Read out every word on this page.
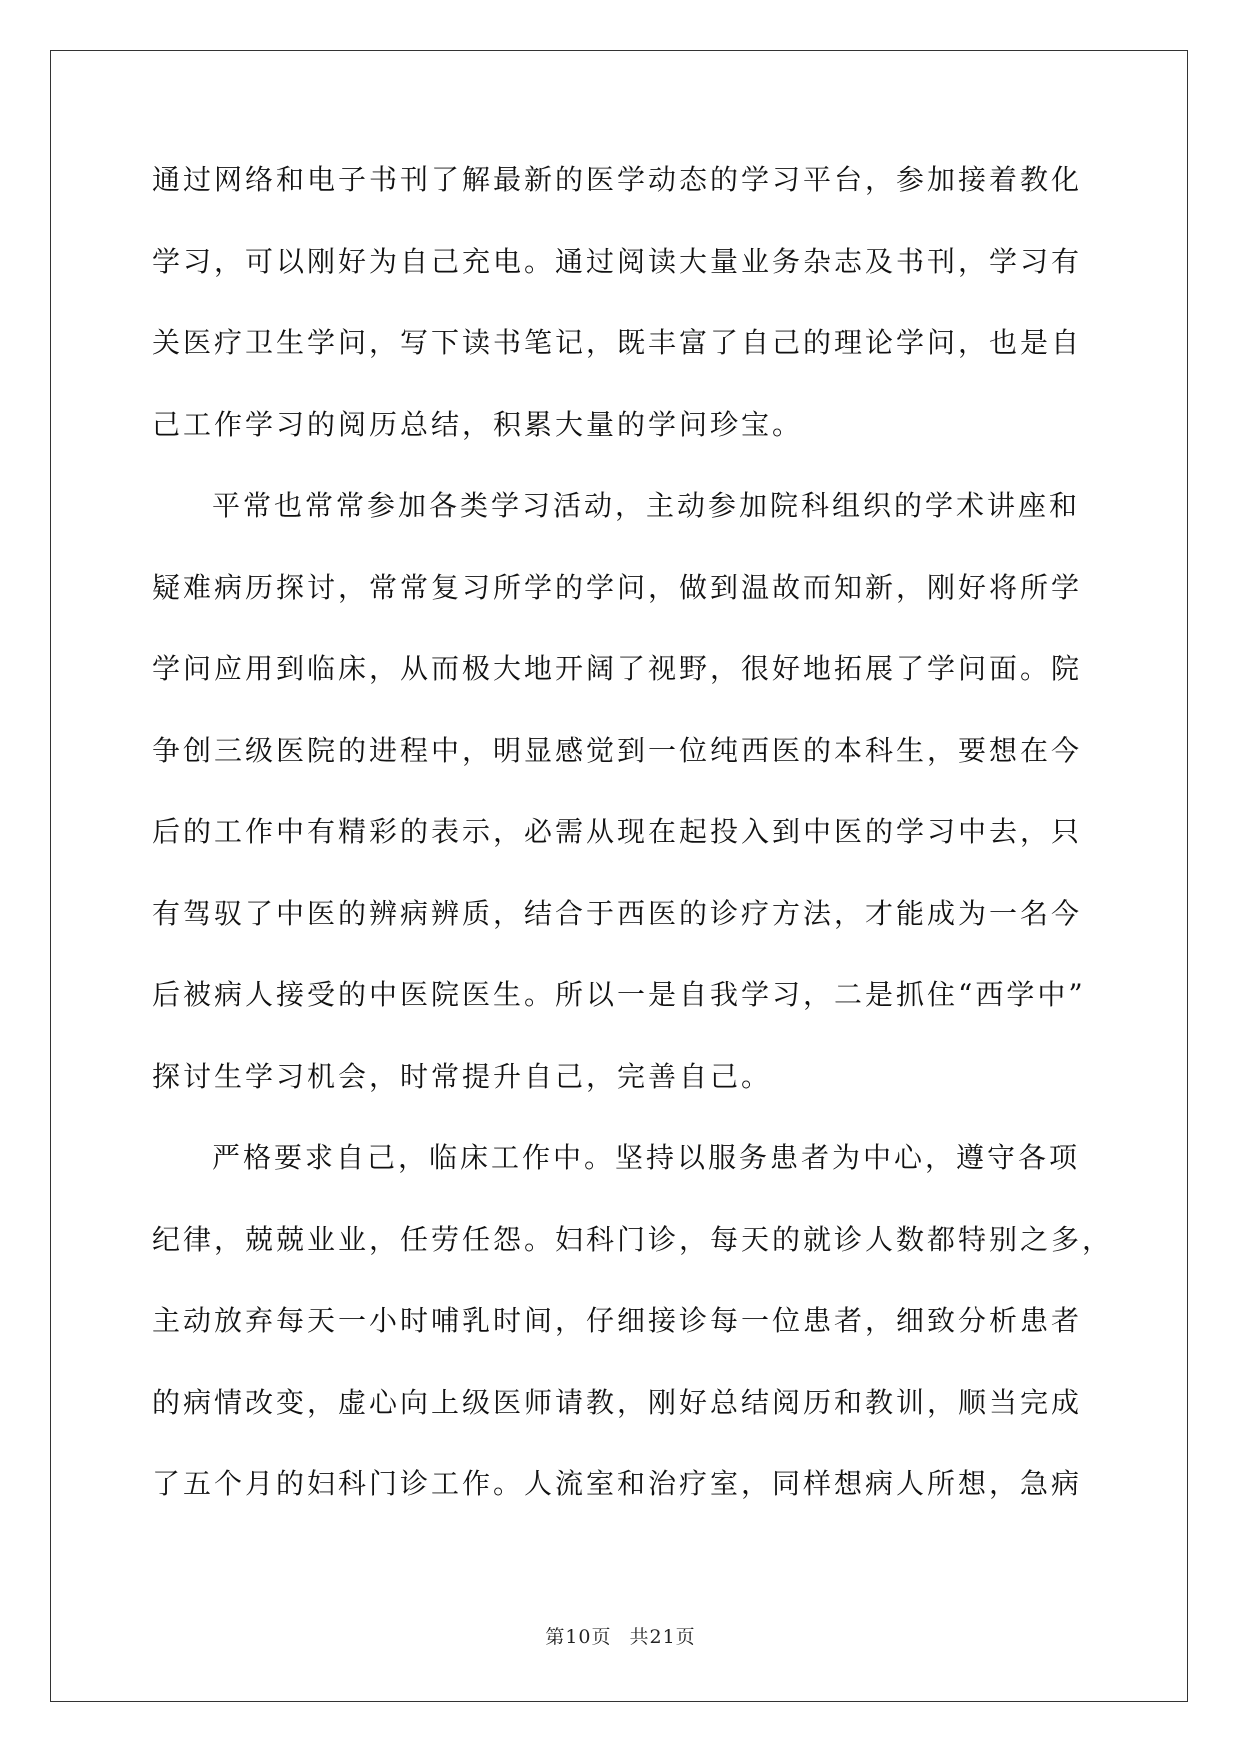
通过网络和电子书刊了解最新的医学动态的学习平台，参加接着教化
学习，可以刚好为自己充电。通过阅读大量业务杂志及书刊，学习有
关医疗卫生学问，写下读书笔记，既丰富了自己的理论学问，也是自
己工作学习的阅历总结，积累大量的学问珍宝。
平常也常常参加各类学习活动，主动参加院科组织的学术讲座和
疑难病历探讨，常常复习所学的学问，做到温故而知新，刚好将所学
学问应用到临床，从而极大地开阔了视野，很好地拓展了学问面。院
争创三级医院的进程中，明显感觉到一位纯西医的本科生，要想在今
后的工作中有精彩的表示，必需从现在起投入到中医的学习中去，只
有驾驭了中医的辨病辨质，结合于西医的诊疗方法，才能成为一名今
后被病人接受的中医院医生。所以一是自我学习，二是抓住“西学中”
探讨生学习机会，时常提升自己，完善自己。
严格要求自己，临床工作中。坚持以服务患者为中心，遵守各项
纪律，兢兢业业，任劳任怨。妇科门诊，每天的就诊人数都特别之多，
主动放弃每天一小时哺乳时间，仔细接诊每一位患者，细致分析患者
的病情改变，虚心向上级医师请教，刚好总结阅历和教训，顺当完成
了五个月的妇科门诊工作。人流室和治疗室，同样想病人所想，急病
第10页 共21页
